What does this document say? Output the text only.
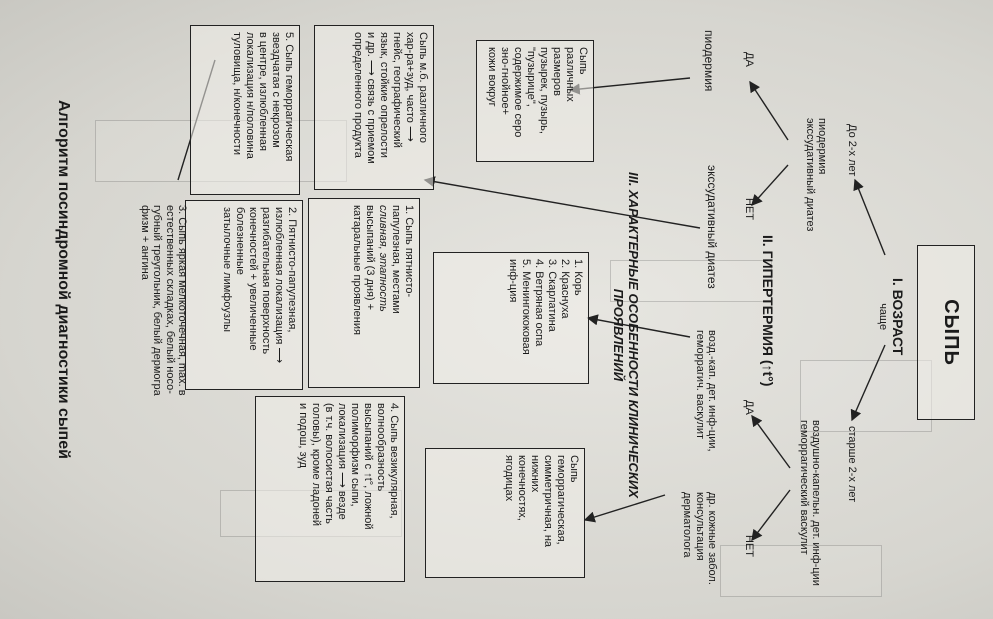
СЫПЬ
I. ВОЗРАСТ
чаще
До 2-х лет
старше 2-х лет
пиодермия
экссудативный диатез
ДА
НЕТ
пиодермия
экссудативный диатез
II. ГИПЕРТЕРМИЯ (↑t°)
воздушно-капельн. дет. инф-ции
геморрагический васкулит
ДА
НЕТ
возд.-кап. дет. инф-ции,
геморрагич. васкулит
др. кожные забол.
консультация
дерматолога
III. ХАРАКТЕРНЫЕ ОСОБЕННОСТИ КЛИНИЧЕСКИХ
ПРОЯВЛЕНИЙ
Сыпь
различных
размеров
пузырек, пузырь,
"пузырице",
содержимое серо
зно-гнойное+
кожи вокруг
Сыпь м.б. различного
хар-ра+зуд, часто ⟶
гнейс, географический
язык, стойкие опрелости
и др. ⟶ связь с приемом
определенного продукта
1. Корь
2. Краснуха
3. Скарлатина
4. Ветряная оспа
5. Менингококовая
инф-ция
Сыпь
геморрагическая,
симметричная, на
нижних
конечностях,
ягодицах
1. Сыпь пятнисто-
папулезная, местами
сливная, этапность
высыпаний (3 дня) +
катаральные проявления
2. Пятнисто-папулезная,
излюбленная локализация ⟶
разгибательная поверхность
конечностей + увеличенные
болезненные
затылочные лимфоузлы
3. Сыпь яркая мелкоточечная, max. в
естественных складках, белый носо-
губный треугольник, белый дермогра
физм + ангина
4. Сыпь везикулярная,
волнообразность
высыпаний с ↑t°, ложной
полиморфизм сыпи,
локализация ⟶ везде
(в т.ч. волосистая часть
головы), кроме ладоней
и подош, зуд
5. Сыпь геморрагическая
звездчатая с некрозом
в центре, излюбленная
локализация н/половина
туловища, н/конечности
Алгоритм посиндромной диагностики сыпей
